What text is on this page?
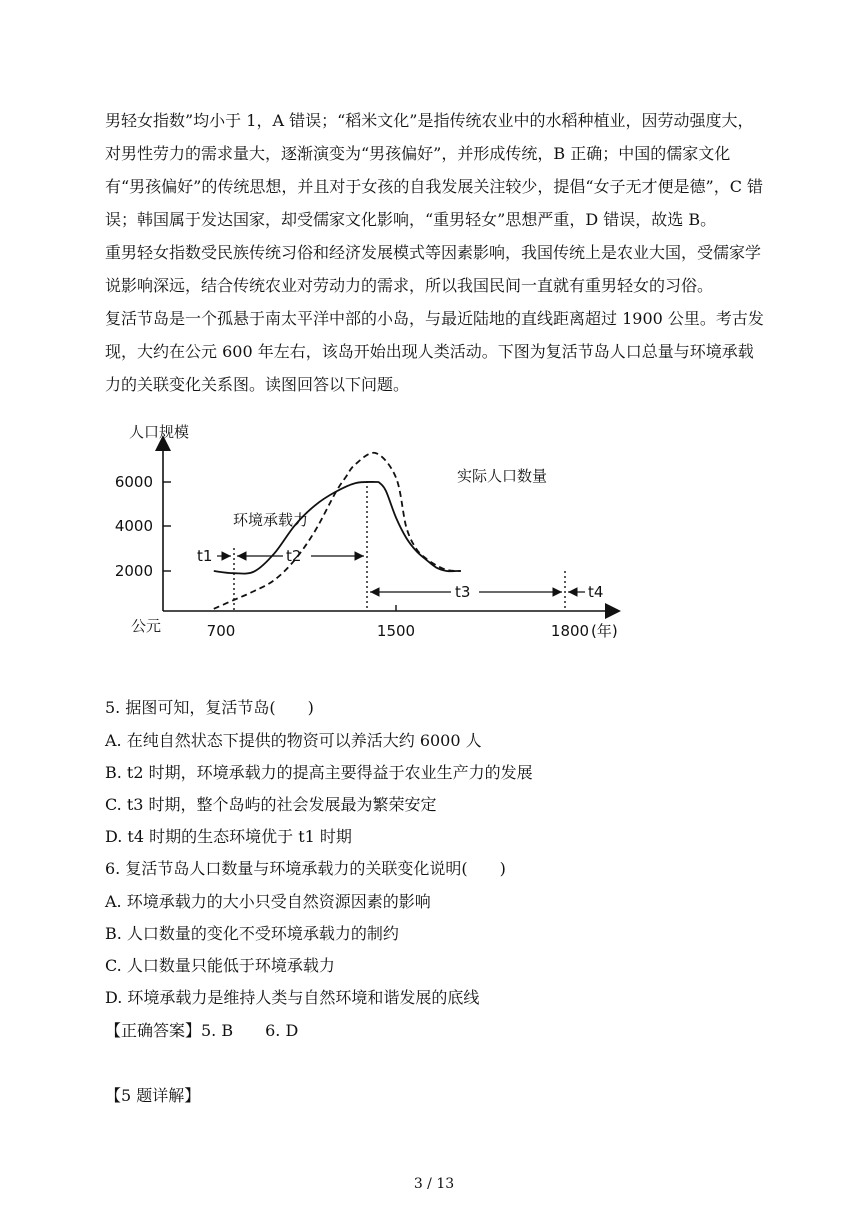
男轻女指数”均小于 1，A 错误；“稻米文化”是指传统农业中的水稻种植业，因劳动强度大，对男性劳力的需求量大，逐渐演变为“男孩偏好”，并形成传统，B 正确；中国的儒家文化有“男孩偏好”的传统思想，并且对于女孩的自我发展关注较少，提倡“女子无才便是德”，C 错误；韩国属于发达国家，却受儒家文化影响，“重男轻女”思想严重，D 错误，故选 B。

重男轻女指数受民族传统习俗和经济发展模式等因素影响，我国传统上是农业大国，受儒家学说影响深远，结合传统农业对劳动力的需求，所以我国民间一直就有重男轻女的习俗。

复活节岛是一个孤悬于南太平洋中部的小岛，与最近陆地的直线距离超过 1900 公里。考古发现，大约在公元 600 年左右，该岛开始出现人类活动。下图为复活节岛人口总量与环境承载力的关联变化关系图。读图回答以下问题。

人口规模
公元
2000
4000
6000
700	1500	1800 (年)
环境承载力
实际人口数量
t1	t2
t3	t4
5. 据图可知，复活节岛(　　)
A. 在纯自然状态下提供的物资可以养活大约 6000 人
B. t2 时期，环境承载力的提高主要得益于农业生产力的发展
C. t3 时期，整个岛屿的社会发展最为繁荣安定
D. t4 时期的生态环境优于 t1 时期
6. 复活节岛人口数量与环境承载力的关联变化说明(　　)
A. 环境承载力的大小只受自然资源因素的影响
B. 人口数量的变化不受环境承载力的制约
C. 人口数量只能低于环境承载力
D. 环境承载力是维持人类与自然环境和谐发展的底线
【正确答案】5. B　　6. D
【5 题详解】
3 / 13
